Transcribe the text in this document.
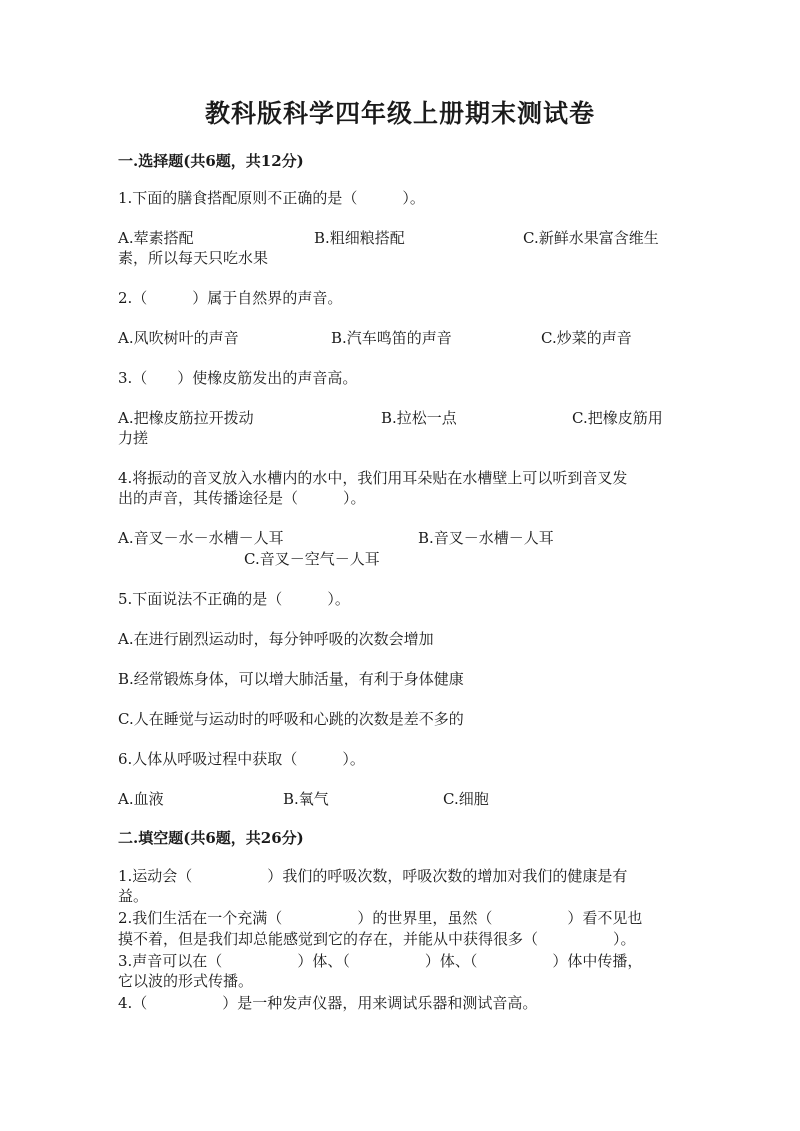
教科版科学四年级上册期末测试卷
一.选择题(共6题，共12分)
1.下面的膳食搭配原则不正确的是（　　　）。
A.荤素搭配	B.粗细粮搭配	C.新鲜水果富含维生
素，所以每天只吃水果
2.（　　　）属于自然界的声音。
A.风吹树叶的声音	B.汽车鸣笛的声音	C.炒菜的声音
3.（　　）使橡皮筋发出的声音高。
A.把橡皮筋拉开拨动	B.拉松一点	C.把橡皮筋用
力搓
4.将振动的音叉放入水槽内的水中，我们用耳朵贴在水槽壁上可以听到音叉发
出的声音，其传播途径是（　　　）。
A.音叉－水－水槽－人耳	B.音叉－水槽－人耳
C.音叉－空气－人耳
5.下面说法不正确的是（　　　）。
A.在进行剧烈运动时，每分钟呼吸的次数会增加
B.经常锻炼身体，可以增大肺活量，有利于身体健康
C.人在睡觉与运动时的呼吸和心跳的次数是差不多的
6.人体从呼吸过程中获取（　　　）。
A.血液	B.氧气	C.细胞
二.填空题(共6题，共26分)
1.运动会（　　　　　）我们的呼吸次数，呼吸次数的增加对我们的健康是有
益。
2.我们生活在一个充满（　　　　　）的世界里，虽然（　　　　　）看不见也
摸不着，但是我们却总能感觉到它的存在，并能从中获得很多（　　　　　）。
3.声音可以在（　　　　　）体、（　　　　　）体、（　　　　　）体中传播，
它以波的形式传播。
4.（　　　　　）是一种发声仪器，用来调试乐器和测试音高。
